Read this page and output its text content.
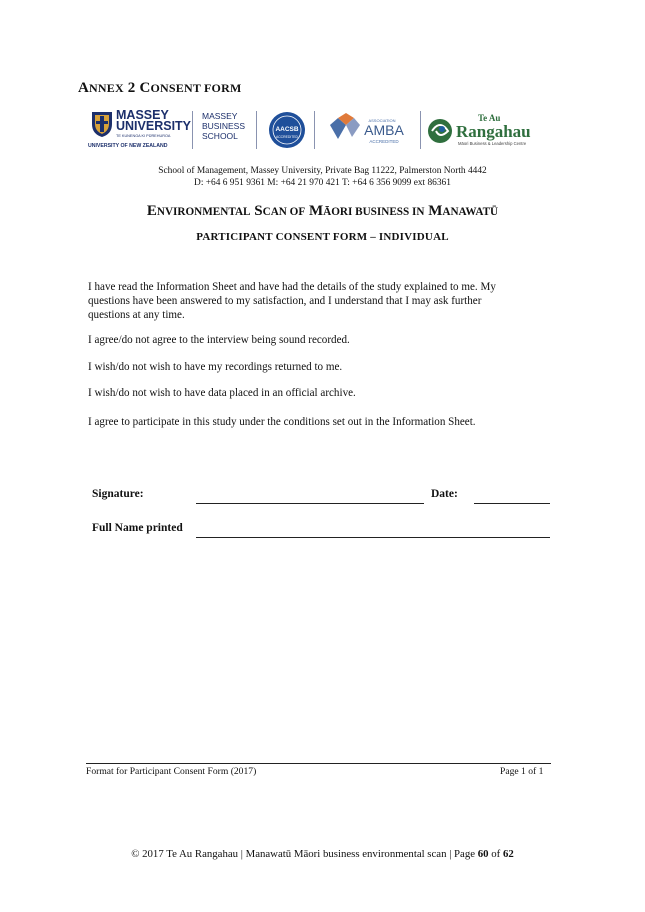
ANNEX 2 CONSENT FORM
MASSEY
UNIVERSITY
TE KUNENGA KI PŪREHUROA
UNIVERSITY OF NEW ZEALAND
MASSEY
BUSINESS
SCHOOL
AACSB
ACCREDITED
ASSOCIATION
AMBA
ACCREDITED
Te Au
Rangahau
Māori Business & Leadership Centre
School of Management, Massey University, Private Bag 11222, Palmerston North 4442
D: +64 6 951 9361 M: +64 21 970 421 T: +64 6 356 9099 ext 86361
ENVIRONMENTAL SCAN OF MĀORI BUSINESS IN MANAWATŪ
PARTICIPANT CONSENT FORM – INDIVIDUAL
I have read the Information Sheet and have had the details of the study explained to me. My
questions have been answered to my satisfaction, and I understand that I may ask further
questions at any time.
I agree/do not agree to the interview being sound recorded.
I wish/do not wish to have my recordings returned to me.
I wish/do not wish to have data placed in an official archive.
I agree to participate in this study under the conditions set out in the Information Sheet.
Signature:	Date:
Full Name printed
Format for Participant Consent Form (2017)	Page 1 of 1
© 2017 Te Au Rangahau | Manawatū Māori business environmental scan | Page 60 of 62
